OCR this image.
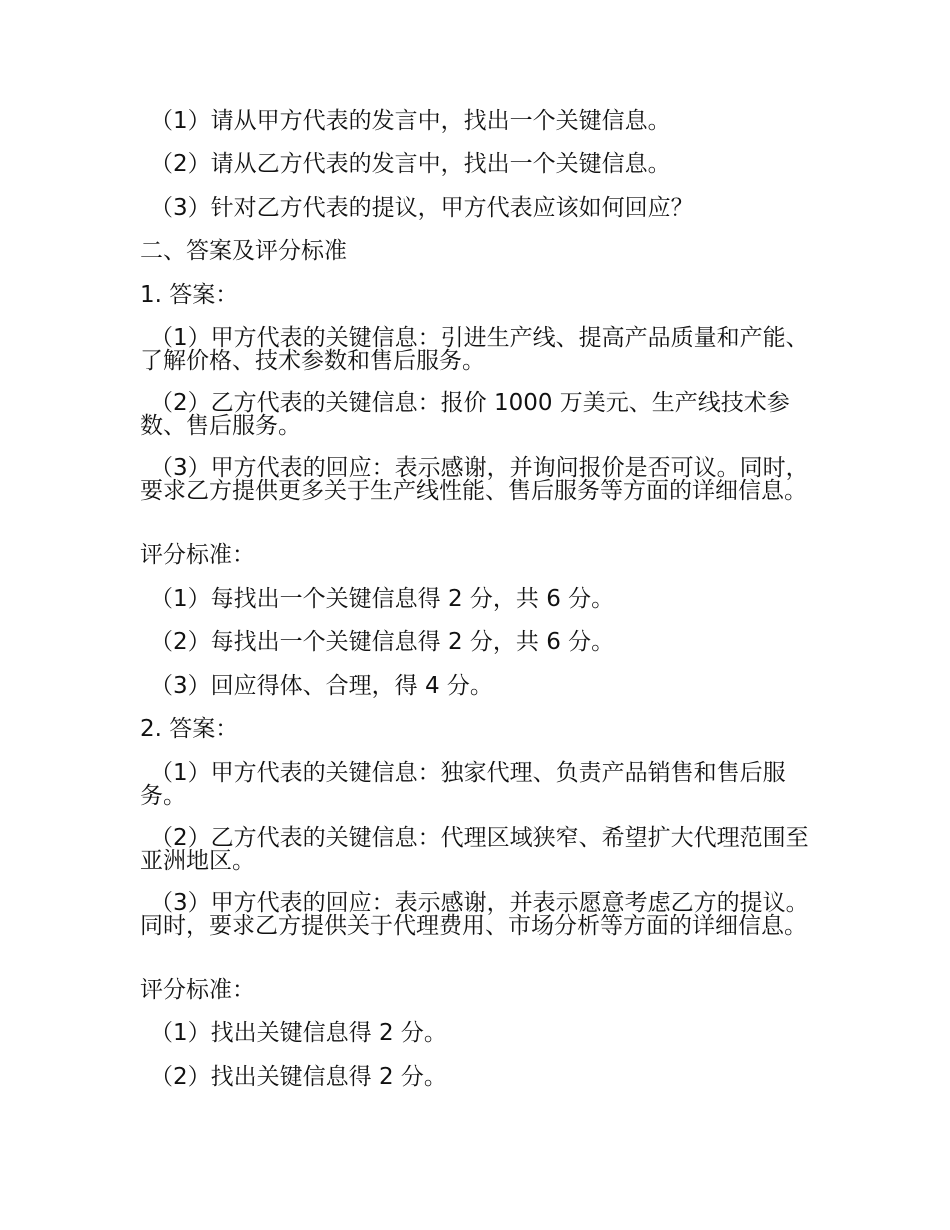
（1）请从甲方代表的发言中，找出一个关键信息。
（2）请从乙方代表的发言中，找出一个关键信息。
（3）针对乙方代表的提议，甲方代表应该如何回应？
二、答案及评分标准
1. 答案：
（1）甲方代表的关键信息：引进生产线、提高产品质量和产能、了解价格、技术参数和售后服务。
（2）乙方代表的关键信息：报价 1000 万美元、生产线技术参数、售后服务。
（3）甲方代表的回应：表示感谢，并询问报价是否可议。同时，要求乙方提供更多关于生产线性能、售后服务等方面的详细信息。
评分标准：
（1）每找出一个关键信息得 2 分，共 6 分。
（2）每找出一个关键信息得 2 分，共 6 分。
（3）回应得体、合理，得 4 分。
2. 答案：
（1）甲方代表的关键信息：独家代理、负责产品销售和售后服务。
（2）乙方代表的关键信息：代理区域狭窄、希望扩大代理范围至亚洲地区。
（3）甲方代表的回应：表示感谢，并表示愿意考虑乙方的提议。同时，要求乙方提供关于代理费用、市场分析等方面的详细信息。
评分标准：
（1）找出关键信息得 2 分。
（2）找出关键信息得 2 分。
